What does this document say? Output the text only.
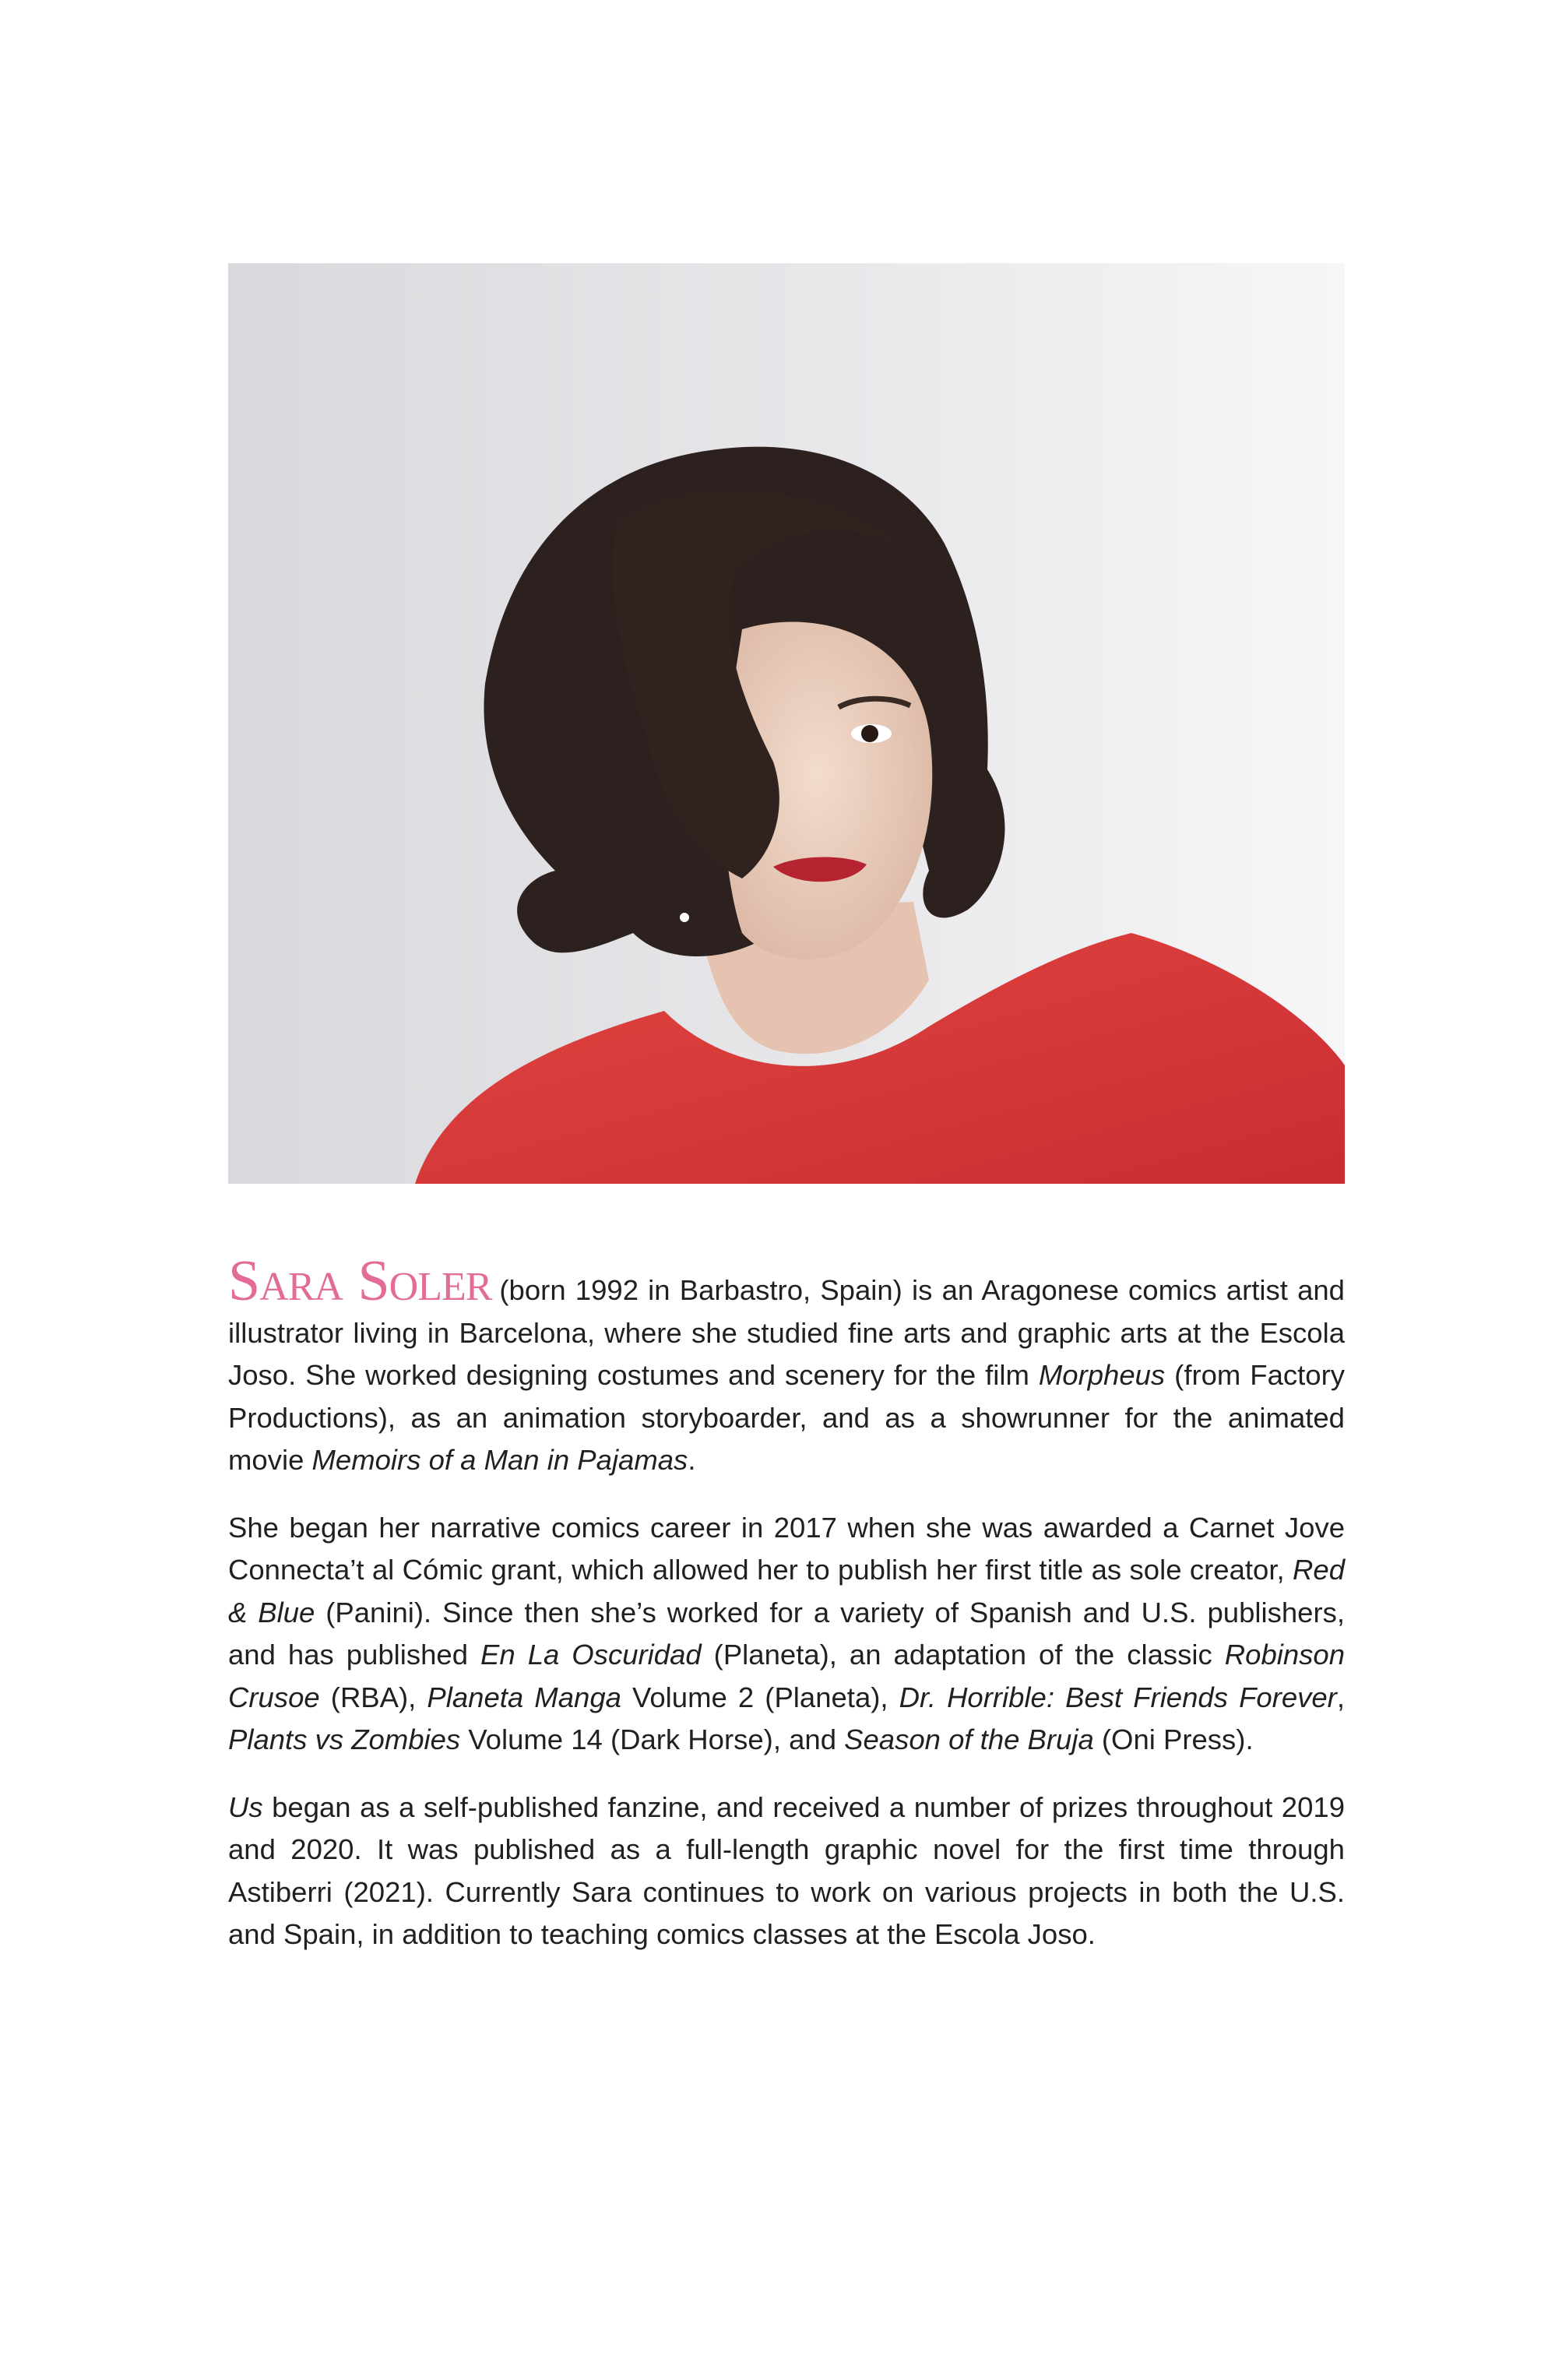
Sara Soler (born 1992 in Barbastro, Spain) is an Aragonese comics artist and illustrator living in Barcelona, where she studied fine arts and graphic arts at the Escola Joso. She worked designing costumes and scenery for the film Morpheus (from Factory Productions), as an animation storyboarder, and as a showrunner for the animated movie Memoirs of a Man in Pajamas.

She began her narrative comics career in 2017 when she was awarded a Carnet Jove Connecta’t al Cómic grant, which allowed her to publish her first title as sole creator, Red & Blue (Panini). Since then she’s worked for a variety of Spanish and U.S. publishers, and has published En La Oscuridad (Planeta), an adaptation of the classic Robinson Crusoe (RBA), Planeta Manga Volume 2 (Planeta), Dr. Horrible: Best Friends Forever, Plants vs Zombies Volume 14 (Dark Horse), and Season of the Bruja (Oni Press).

Us began as a self-published fanzine, and received a number of prizes throughout 2019 and 2020. It was published as a full-length graphic novel for the first time through Astiberri (2021). Currently Sara continues to work on various projects in both the U.S. and Spain, in addition to teaching comics classes at the Escola Joso.
